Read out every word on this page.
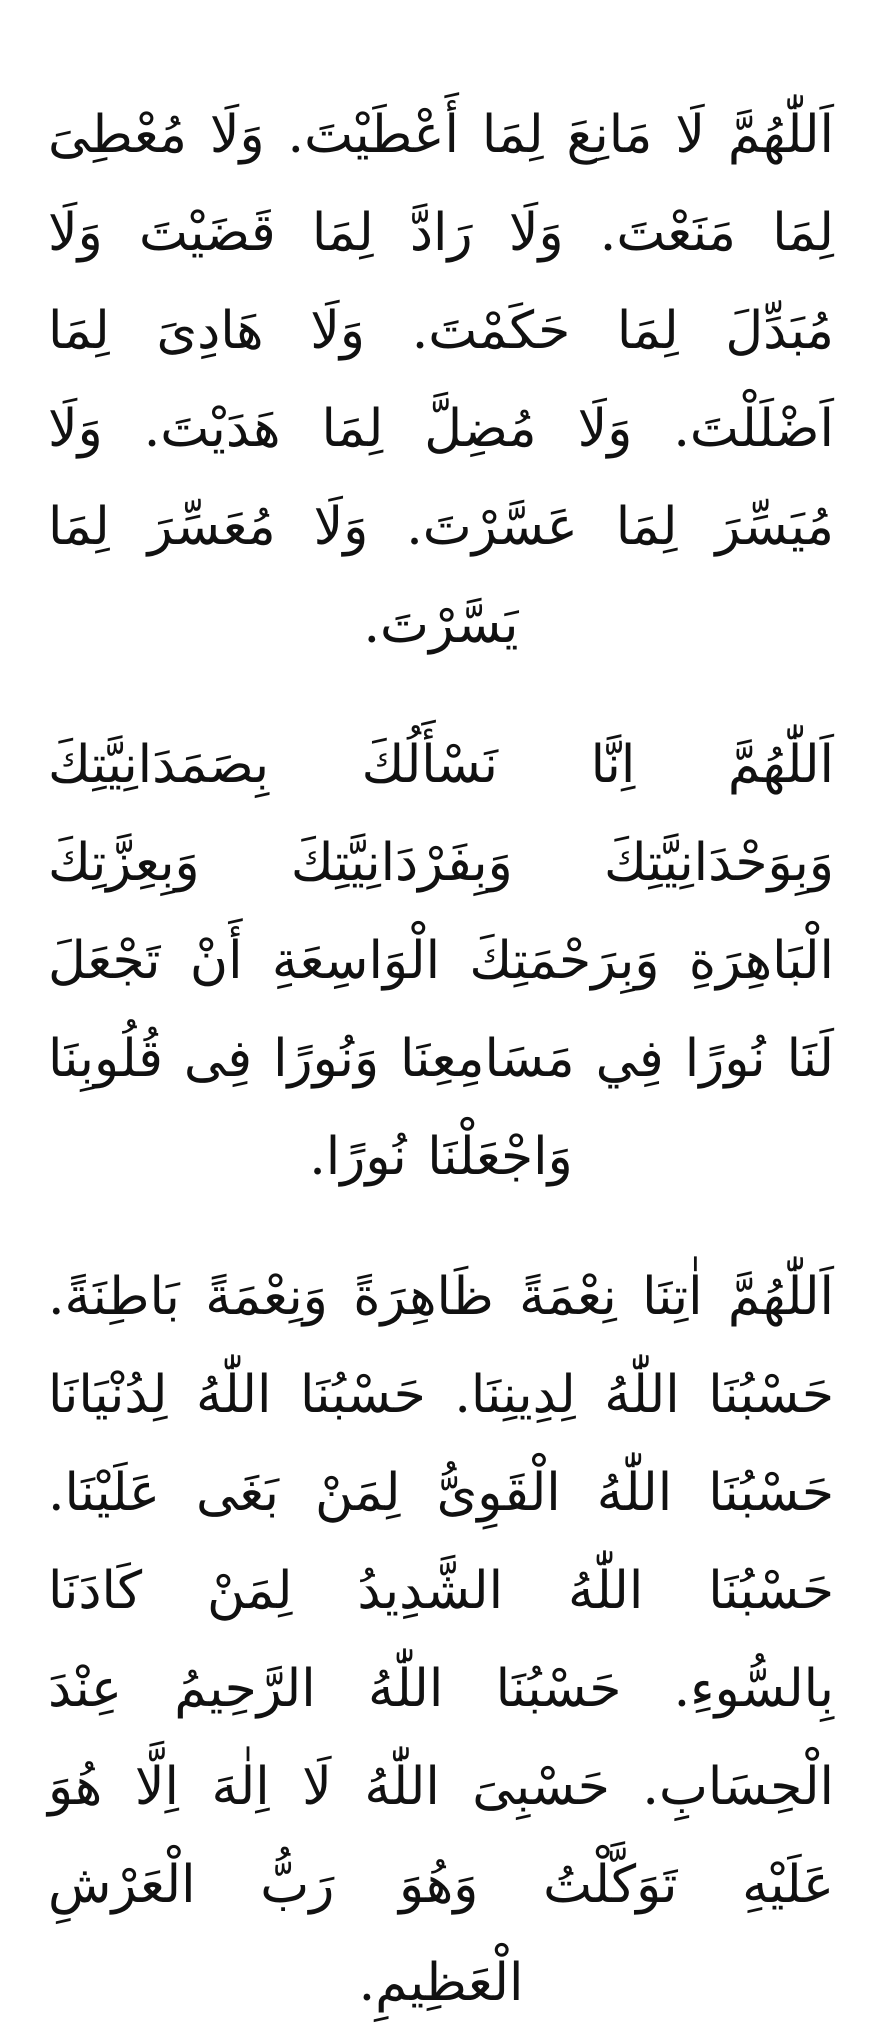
اَللّٰهُمَّ لَا مَانِعَ لِمَا أَعْطَيْتَ. وَلَا مُعْطِىَ لِمَا مَنَعْتَ. وَلَا رَادَّ لِمَا قَضَيْتَ وَلَا مُبَدِّلَ لِمَا حَكَمْتَ. وَلَا هَادِىَ لِمَا اَضْلَلْتَ. وَلَا مُضِلَّ لِمَا هَدَيْتَ. وَلَا مُيَسِّرَ لِمَا عَسَّرْتَ. وَلَا مُعَسِّرَ لِمَا يَسَّرْتَ.

اَللّٰهُمَّ اِنَّا نَسْأَلُكَ بِصَمَدَانِيَّتِكَ وَبِوَحْدَانِيَّتِكَ وَبِفَرْدَانِيَّتِكَ وَبِعِزَّتِكَ الْبَاهِرَةِ وَبِرَحْمَتِكَ الْوَاسِعَةِ أَنْ تَجْعَلَ لَنَا نُورًا فِي مَسَامِعِنَا وَنُورًا فِى قُلُوبِنَا وَاجْعَلْنَا نُورًا.

اَللّٰهُمَّ اٰتِنَا نِعْمَةً ظَاهِرَةً وَنِعْمَةً بَاطِنَةً. حَسْبُنَا اللّٰهُ لِدِينِنَا. حَسْبُنَا اللّٰهُ لِدُنْيَانَا حَسْبُنَا اللّٰهُ الْقَوِىُّ لِمَنْ بَغَى عَلَيْنَا. حَسْبُنَا اللّٰهُ الشَّدِيدُ لِمَنْ كَادَنَا بِالسُّوءِ. حَسْبُنَا اللّٰهُ الرَّحِيمُ عِنْدَ الْحِسَابِ. حَسْبِىَ اللّٰهُ لَا اِلٰهَ اِلَّا هُوَ عَلَيْهِ تَوَكَّلْتُ وَهُوَ رَبُّ الْعَرْشِ الْعَظِيمِ.
